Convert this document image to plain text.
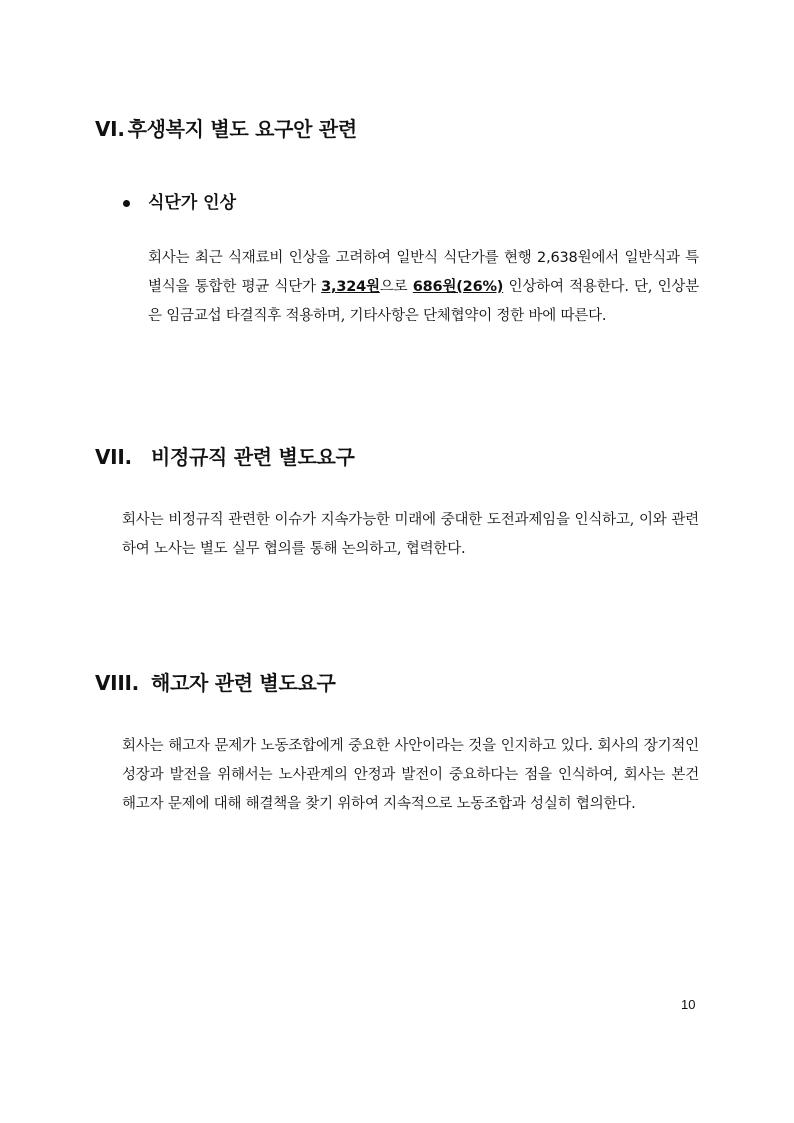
VI. 후생복지 별도 요구안 관련
식단가 인상
회사는 최근 식재료비 인상을 고려하여 일반식 식단가를 현행 2,638원에서 일반식과 특별식을 통합한 평균 식단가 3,324원으로 686원(26%) 인상하여 적용한다. 단, 인상분은 임금교섭 타결직후 적용하며, 기타사항은 단체협약이 정한 바에 따른다.
VII. 비정규직 관련 별도요구
회사는 비정규직 관련한 이슈가 지속가능한 미래에 중대한 도전과제임을 인식하고, 이와 관련하여 노사는 별도 실무 협의를 통해 논의하고, 협력한다.
VIII. 해고자 관련 별도요구
회사는 해고자 문제가 노동조합에게 중요한 사안이라는 것을 인지하고 있다. 회사의 장기적인 성장과 발전을 위해서는 노사관계의 안정과 발전이 중요하다는 점을 인식하여, 회사는 본건 해고자 문제에 대해 해결책을 찾기 위하여 지속적으로 노동조합과 성실히 협의한다.
10
